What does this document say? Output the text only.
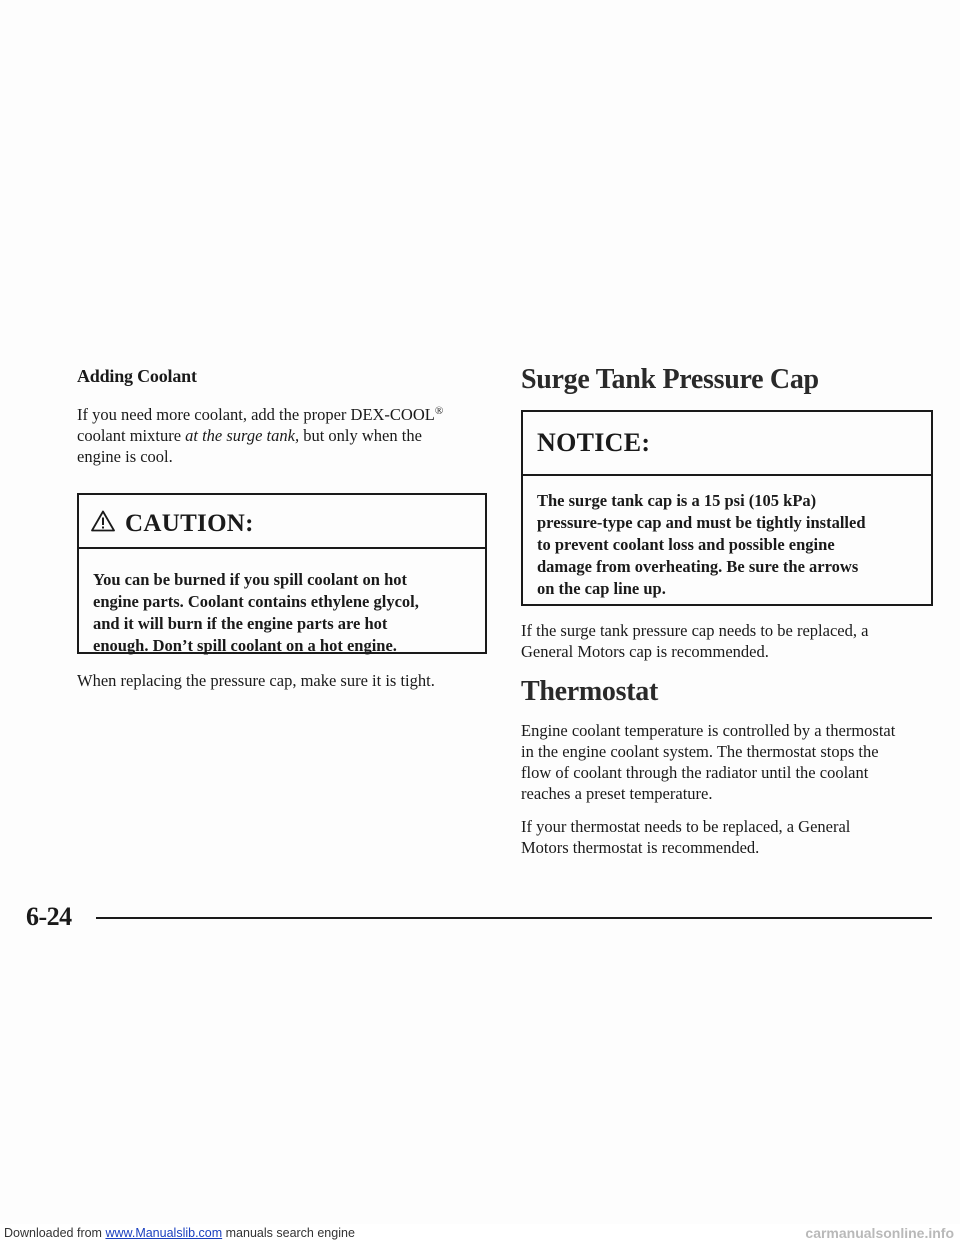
Adding Coolant

If you need more coolant, add the proper DEX-COOL®
coolant mixture at the surge tank, but only when the
engine is cool.

CAUTION:
You can be burned if you spill coolant on hot
engine parts. Coolant contains ethylene glycol,
and it will burn if the engine parts are hot
enough. Don’t spill coolant on a hot engine.

When replacing the pressure cap, make sure it is tight.

Surge Tank Pressure Cap
NOTICE:
The surge tank cap is a 15 psi (105 kPa)
pressure-type cap and must be tightly installed
to prevent coolant loss and possible engine
damage from overheating. Be sure the arrows
on the cap line up.

If the surge tank pressure cap needs to be replaced, a
General Motors cap is recommended.

Thermostat

Engine coolant temperature is controlled by a thermostat
in the engine coolant system. The thermostat stops the
flow of coolant through the radiator until the coolant
reaches a preset temperature.

If your thermostat needs to be replaced, a General
Motors thermostat is recommended.

6-24
Downloaded from www.Manualslib.com manuals search engine	carmanualsonline.info
